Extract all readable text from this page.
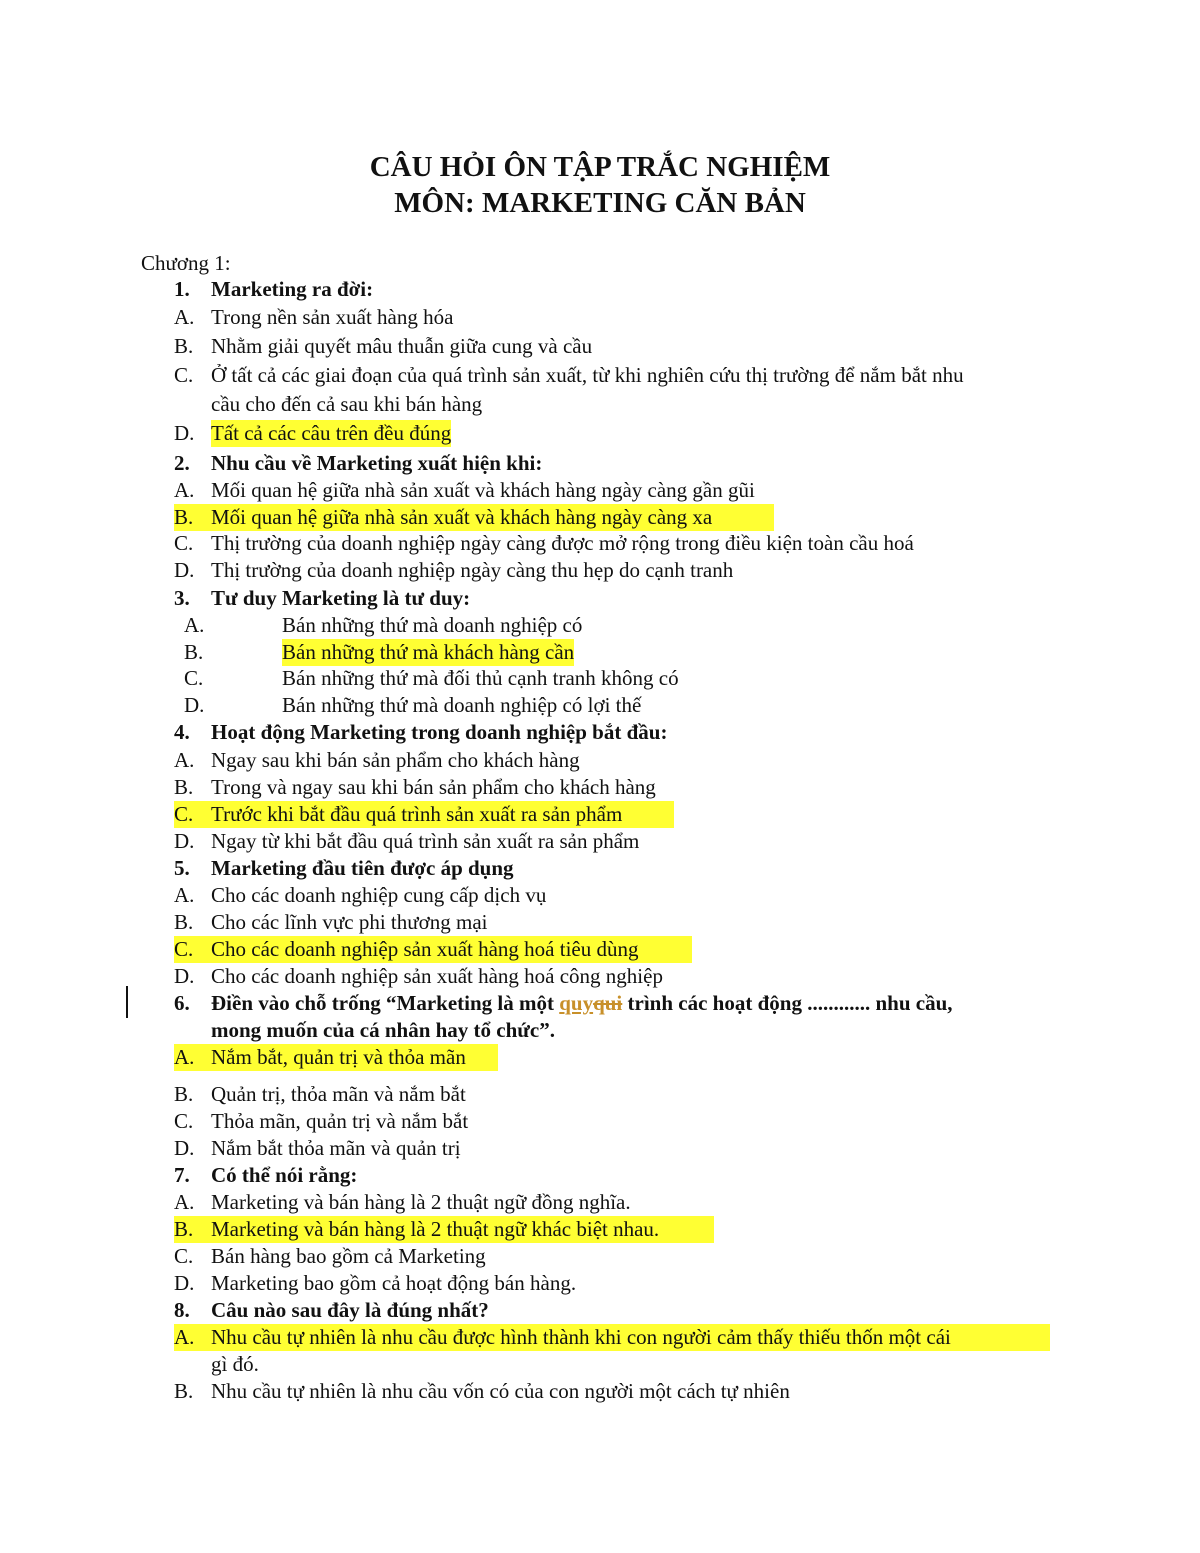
CÂU HỎI ÔN TẬP TRẮC NGHIỆM
MÔN: MARKETING CĂN BẢN
Chương 1:
1. Marketing ra đời:
A. Trong nền sản xuất hàng hóa
B. Nhằm giải quyết mâu thuẫn giữa cung và cầu
C. Ở tất cả các giai đoạn của quá trình sản xuất, từ khi nghiên cứu thị trường để nắm bắt nhu
cầu cho đến cả sau khi bán hàng
D. Tất cả các câu trên đều đúng
2. Nhu cầu về Marketing xuất hiện khi:
A. Mối quan hệ giữa nhà sản xuất và khách hàng ngày càng gần gũi
B. Mối quan hệ giữa nhà sản xuất và khách hàng ngày càng xa
C. Thị trường của doanh nghiệp ngày càng được mở rộng trong điều kiện toàn cầu hoá
D. Thị trường của doanh nghiệp ngày càng thu hẹp do cạnh tranh
3. Tư duy Marketing là tư duy:
A.	Bán những thứ mà doanh nghiệp có
B.	Bán những thứ mà khách hàng cần
C.	Bán những thứ mà đối thủ cạnh tranh không có
D.	Bán những thứ mà doanh nghiệp có lợi thế
4. Hoạt động Marketing trong doanh nghiệp bắt đầu:
A. Ngay sau khi bán sản phẩm cho khách hàng
B. Trong và ngay sau khi bán sản phẩm cho khách hàng
C. Trước khi bắt đầu quá trình sản xuất ra sản phẩm
D. Ngay từ khi bắt đầu quá trình sản xuất ra sản phẩm
5. Marketing đầu tiên được áp dụng
A. Cho các doanh nghiệp cung cấp dịch vụ
B. Cho các lĩnh vực phi thương mại
C. Cho các doanh nghiệp sản xuất hàng hoá tiêu dùng
D. Cho các doanh nghiệp sản xuất hàng hoá công nghiệp
6. Điền vào chỗ trống “Marketing là một quyqui trình các hoạt động ............ nhu cầu,
mong muốn của cá nhân hay tổ chức”.
A. Nắm bắt, quản trị và thỏa mãn
B. Quản trị, thỏa mãn và nắm bắt
C. Thỏa mãn, quản trị và nắm bắt
D. Nắm bắt thỏa mãn và quản trị
7. Có thể nói rằng:
A. Marketing và bán hàng là 2 thuật ngữ đồng nghĩa.
B. Marketing và bán hàng là 2 thuật ngữ khác biệt nhau.
C. Bán hàng bao gồm cả Marketing
D. Marketing bao gồm cả hoạt động bán hàng.
8. Câu nào sau đây là đúng nhất?
A. Nhu cầu tự nhiên là nhu cầu được hình thành khi con người cảm thấy thiếu thốn một cái
gì đó.
B. Nhu cầu tự nhiên là nhu cầu vốn có của con người một cách tự nhiên
